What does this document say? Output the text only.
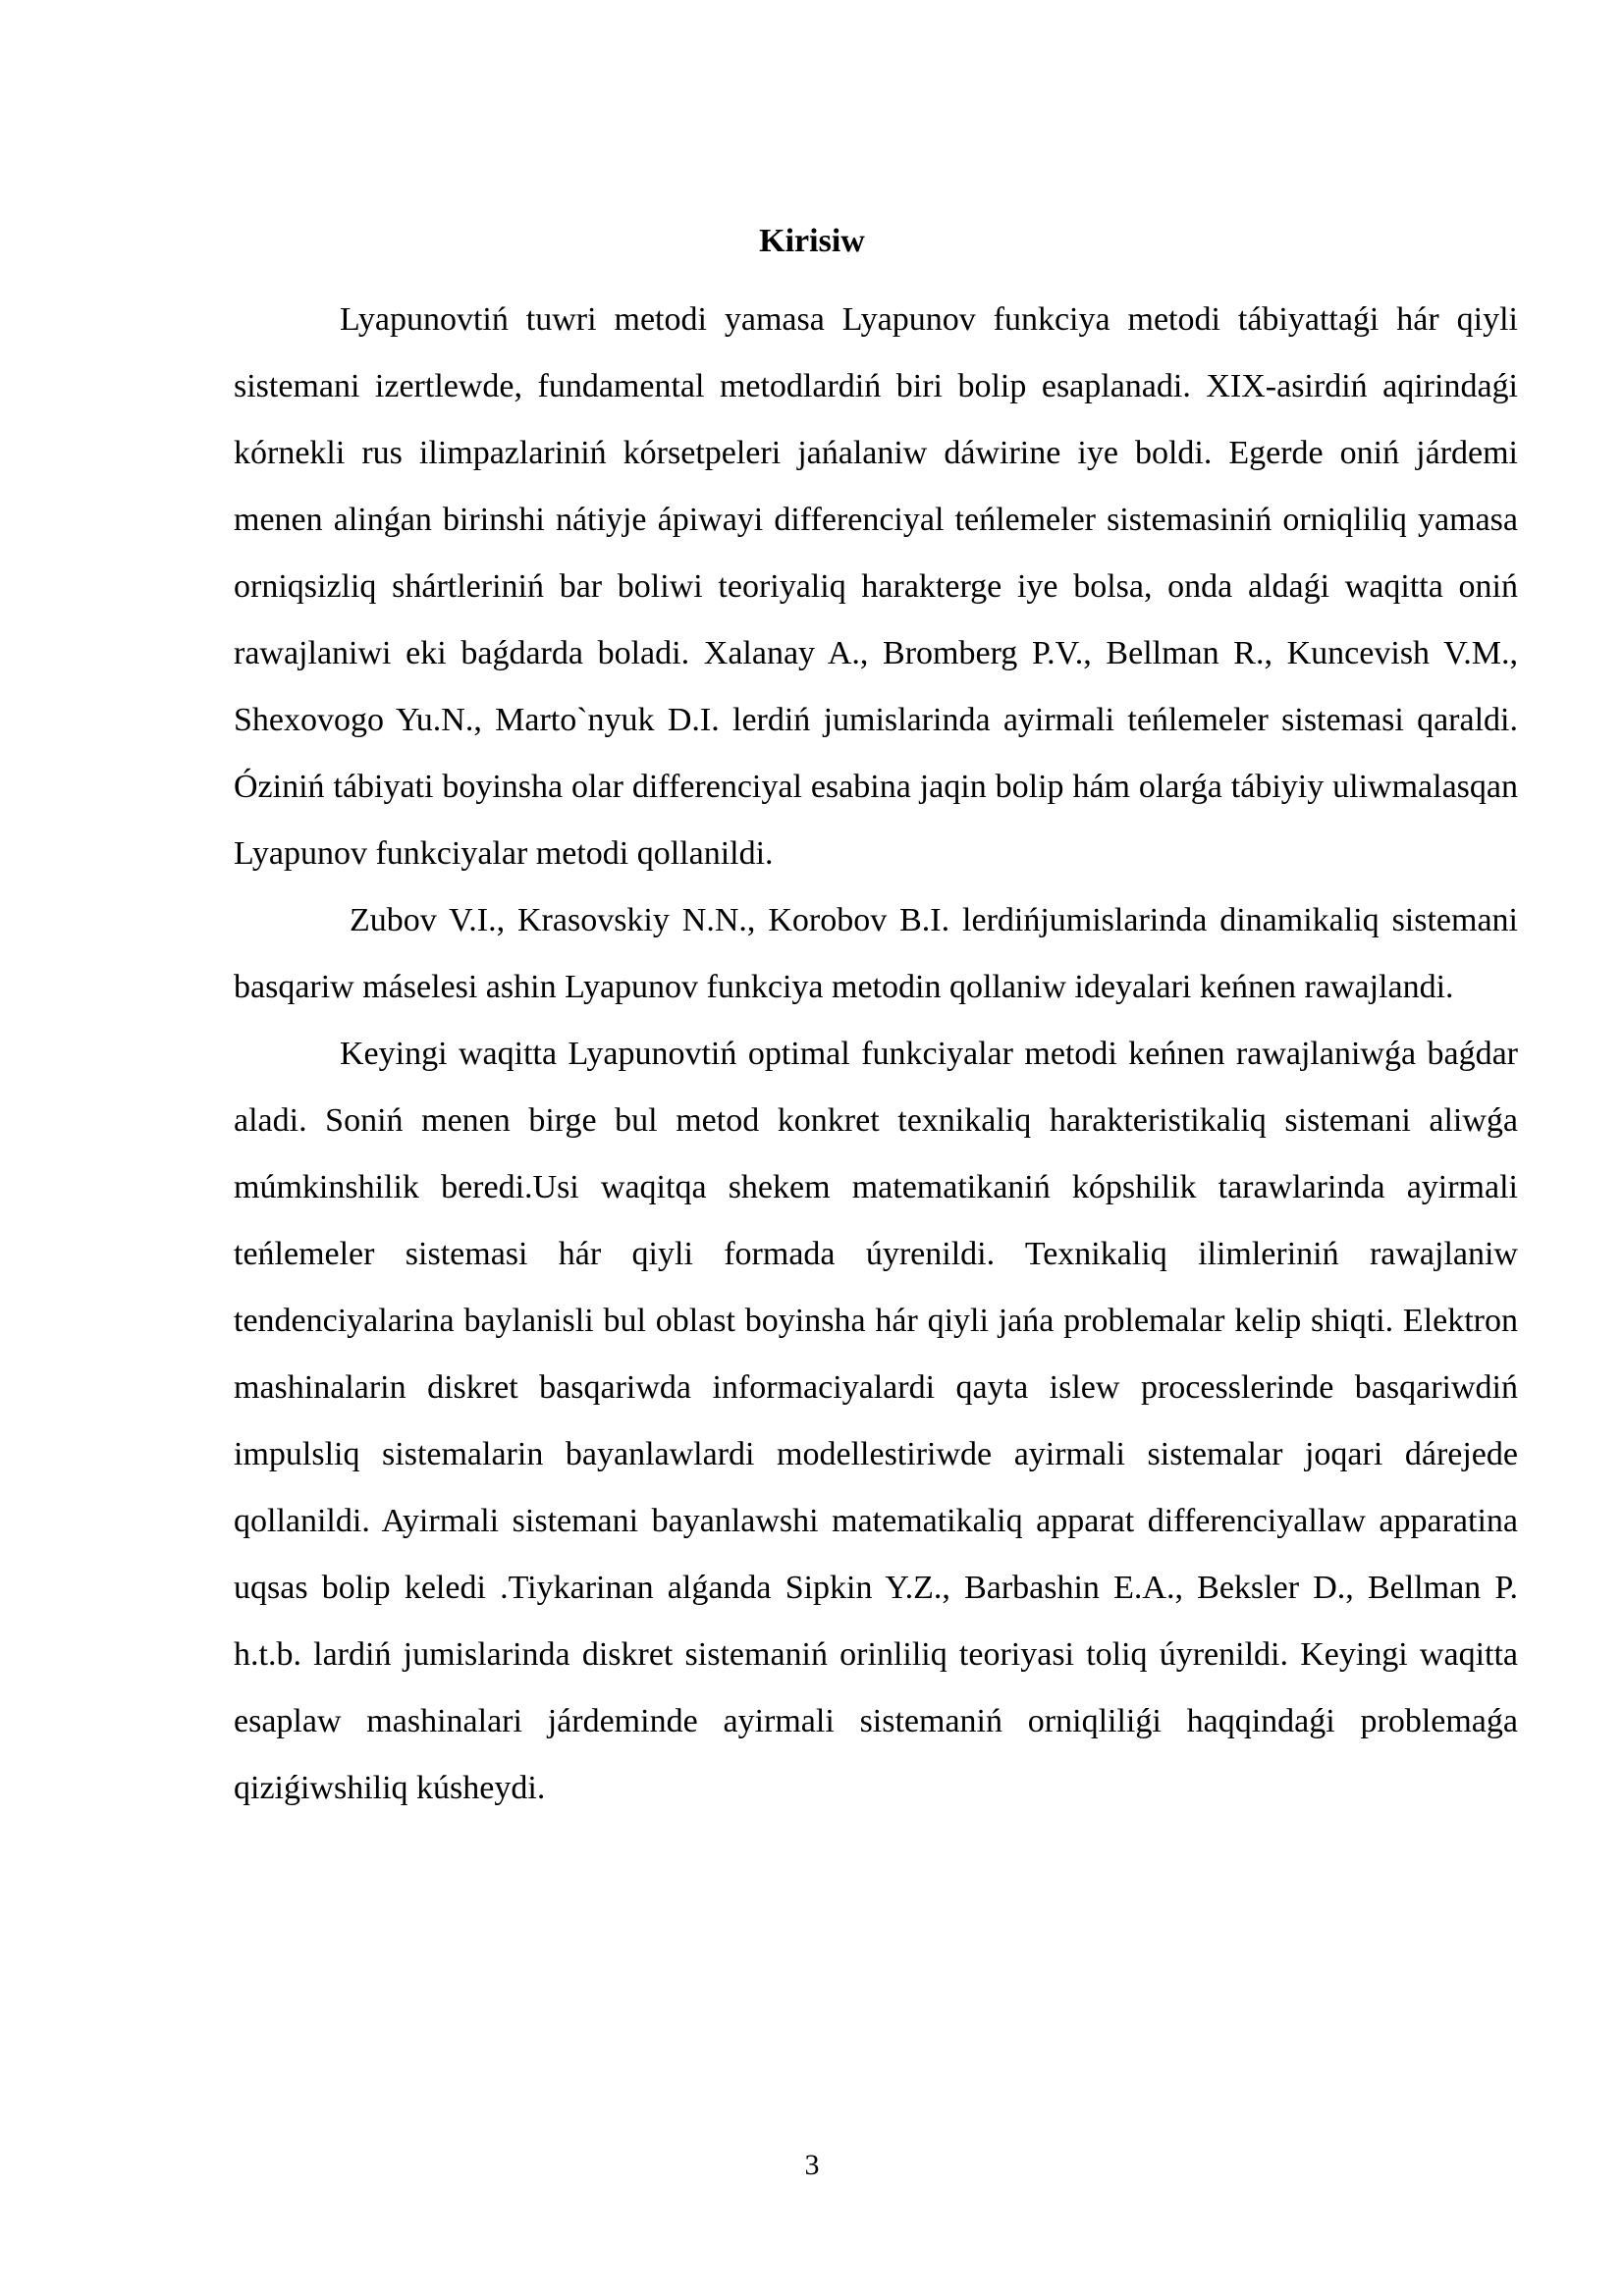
Kirisiw

Lyapunovtiń tuwri metodi yamasa Lyapunov funkciya metodi tábiyattaǵi hár qiyli sistemani izertlewde, fundamental metodlardiń biri bolip esaplanadi. XIX-asirdiń aqirindaǵi kórnekli rus ilimpazlariniń kórsetpeleri jańalaniw dáwirine iye boldi. Egerde oniń járdemi menen alinǵan birinshi nátiyje ápiwayi differenciyal teńlemeler sistemasiniń orniqliliq yamasa orniqsizliq shártleriniń bar boliwi teoriyaliq harakterge iye bolsa, onda aldaǵi waqitta oniń rawajlaniwi eki baǵdarda boladi. Xalanay A., Bromberg P.V., Bellman R., Kuncevish V.M., Shexovogo Yu.N., Marto`nyuk D.I. lerdiń jumislarinda ayirmali teńlemeler sistemasi qaraldi. Óziniń tábiyati boyinsha olar differenciyal esabina jaqin bolip hám olarǵa tábiyiy uliwmalasqan Lyapunov funkciyalar metodi qollanildi.

Zubov V.I., Krasovskiy N.N., Korobov B.I. lerdińjumislarinda dinamikaliq sistemani basqariw máselesi ashin Lyapunov funkciya metodin qollaniw ideyalari keńnen rawajlandi.

Keyingi waqitta Lyapunovtiń optimal funkciyalar metodi keńnen rawajlaniwǵa baǵdar aladi. Soniń menen birge bul metod konkret texnikaliq harakteristikaliq sistemani aliwǵa múmkinshilik beredi.Usi waqitqa shekem matematikaniń kópshilik tarawlarinda ayirmali teńlemeler sistemasi hár qiyli formada úyrenildi. Texnikaliq ilimleriniń rawajlaniw tendenciyalarina baylanisli bul oblast boyinsha hár qiyli jańa problemalar kelip shiqti. Elektron mashinalarin diskret basqariwda informaciyalardi qayta islew processlerinde basqariwdiń impulsliq sistemalarin bayanlawlardi modellestiriwde ayirmali sistemalar joqari dárejede qollanildi. Ayirmali sistemani bayanlawshi matematikaliq apparat differenciyallaw apparatina uqsas bolip keledi .Tiykarinan alǵanda Sipkin Y.Z., Barbashin E.A., Beksler D., Bellman P. h.t.b. lardiń jumislarinda diskret sistemaniń orinliliq teoriyasi toliq úyrenildi. Keyingi waqitta esaplaw mashinalari járdeminde ayirmali sistemaniń orniqliliǵi haqqindaǵi problemaǵa qiziǵiwshiliq kúsheydi.

3
